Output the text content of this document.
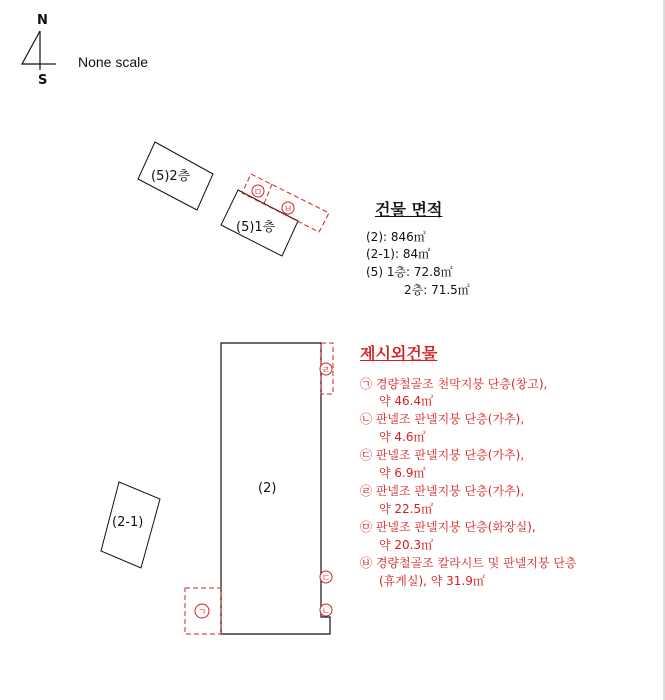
(5)2층
(5)1층
ㅁ
ㅂ
(2)
ㄹ
ㄷ
ㄴ
ㄱ
(2-1)
N
S
None scale
건물 면적
(2): 846㎡
(2-1): 84㎡
(5) 1층: 72.8㎡
2층: 71.5㎡
제시외건물
㉠ 경량철골조 천막지붕 단층(창고),
약 46.4㎡
㉡ 판넬조 판넬지붕 단층(가추),
약 4.6㎡
㉢ 판넬조 판넬지붕 단층(가추),
약 6.9㎡
㉣ 판넬조 판넬지붕 단층(가추),
약 22.5㎡
㉤ 판넬조 판넬지붕 단층(화장실),
약 20.3㎡
㉥ 경량철골조 칼라시트 및 판넬지붕 단층
(휴게실), 약 31.9㎡
